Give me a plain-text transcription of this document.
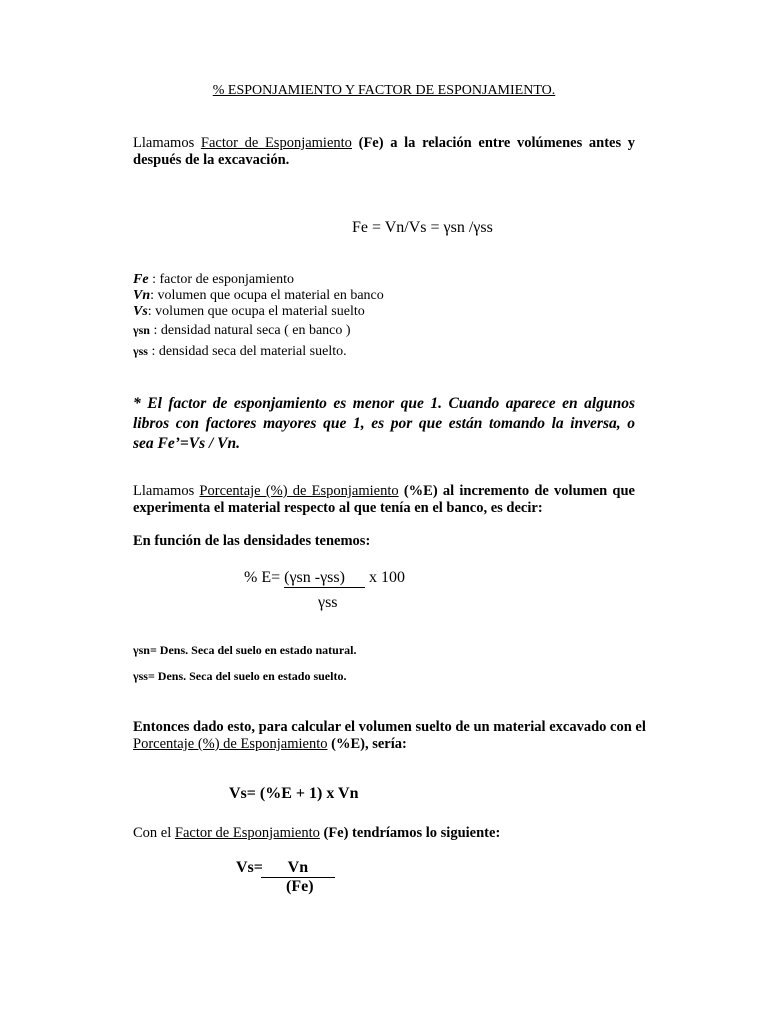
% ESPONJAMIENTO Y FACTOR DE ESPONJAMIENTO.
Llamamos Factor de Esponjamiento (Fe) a la relación entre volúmenes antes y
después de la excavación.
Fe = Vn/Vs = γsn /γss
Fe : factor de esponjamiento
Vn: volumen que ocupa el material en banco
Vs: volumen que ocupa el material suelto
γsn : densidad natural seca ( en banco )
γss : densidad seca del material suelto.
* El factor de esponjamiento es menor que 1. Cuando aparece en algunos
libros con factores mayores que 1, es por que están tomando la inversa, o
sea Fe’=Vs / Vn.
Llamamos Porcentaje (%) de Esponjamiento (%E) al incremento de volumen que
experimenta el material respecto al que tenía en el banco, es decir:
En función de las densidades tenemos:
% E= (γsn -γss) x 100
γss
γsn= Dens. Seca del suelo en estado natural.
γss= Dens. Seca del suelo en estado suelto.
Entonces dado esto, para calcular el volumen suelto de un material excavado con el
Porcentaje (%) de Esponjamiento (%E), sería:
Vs= (%E + 1) x Vn
Con el Factor de Esponjamiento (Fe) tendríamos lo siguiente:
Vs= Vn
(Fe)
